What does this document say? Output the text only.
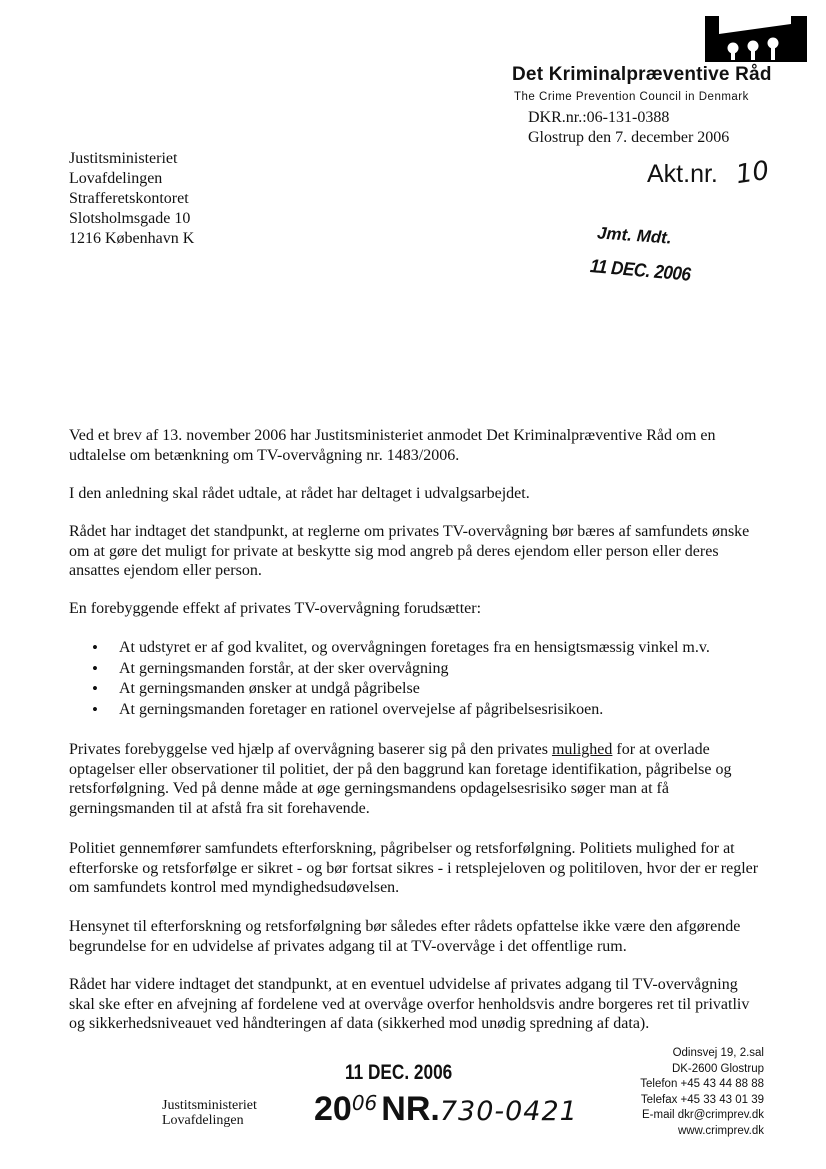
Det Kriminalpræventive Råd
The Crime Prevention Council in Denmark
DKR.nr.:06-131-0388
Glostrup den 7. december 2006
Justitsministeriet
Lovafdelingen
Strafferetskontoret
Slotsholmsgade 10
1216 København K
Akt.nr. 10
Jmt. Mdt.
11 DEC. 2006

Ved et brev af 13. november 2006 har Justitsministeriet anmodet Det Kriminalpræventive Råd om en udtalelse om betænkning om TV-overvågning nr. 1483/2006.

I den anledning skal rådet udtale, at rådet har deltaget i udvalgsarbejdet.

Rådet har indtaget det standpunkt, at reglerne om privates TV-overvågning bør bæres af samfundets ønske om at gøre det muligt for private at beskytte sig mod angreb på deres ejendom eller person eller deres ansattes ejendom eller person.

En forebyggende effekt af privates TV-overvågning forudsætter:

• At udstyret er af god kvalitet, og overvågningen foretages fra en hensigtsmæssig vinkel m.v.
• At gerningsmanden forstår, at der sker overvågning
• At gerningsmanden ønsker at undgå pågribelse
• At gerningsmanden foretager en rationel overvejelse af pågribelsesrisikoen.

Privates forebyggelse ved hjælp af overvågning baserer sig på den privates mulighed for at overlade optagelser eller observationer til politiet, der på den baggrund kan foretage identifikation, pågribelse og retsforfølgning. Ved på denne måde at øge gerningsmandens opdagelsesrisiko søger man at få gerningsmanden til at afstå fra sit forehavende.

Politiet gennemfører samfundets efterforskning, pågribelser og retsforfølgning. Politiets mulighed for at efterforske og retsforfølge er sikret - og bør fortsat sikres - i retsplejeloven og politiloven, hvor der er regler om samfundets kontrol med myndighedsudøvelsen.

Hensynet til efterforskning og retsforfølgning bør således efter rådets opfattelse ikke være den afgørende begrundelse for en udvidelse af privates adgang til at TV-overvåge i det offentlige rum.

Rådet har videre indtaget det standpunkt, at en eventuel udvidelse af privates adgang til TV-overvågning skal ske efter en afvejning af fordelene ved at overvåge overfor henholdsvis andre borgeres ret til privatliv og sikkerhedsniveauet ved håndteringen af data (sikkerhed mod unødig spredning af data).

Odinsvej 19, 2.sal
DK-2600 Glostrup
Telefon +45 43 44 88 88
Telefax +45 33 43 01 39
E-mail dkr@crimprev.dk
www.crimprev.dk
11 DEC. 2006
Justitsministeriet
Lovafdelingen	2006 NR.730-0421
